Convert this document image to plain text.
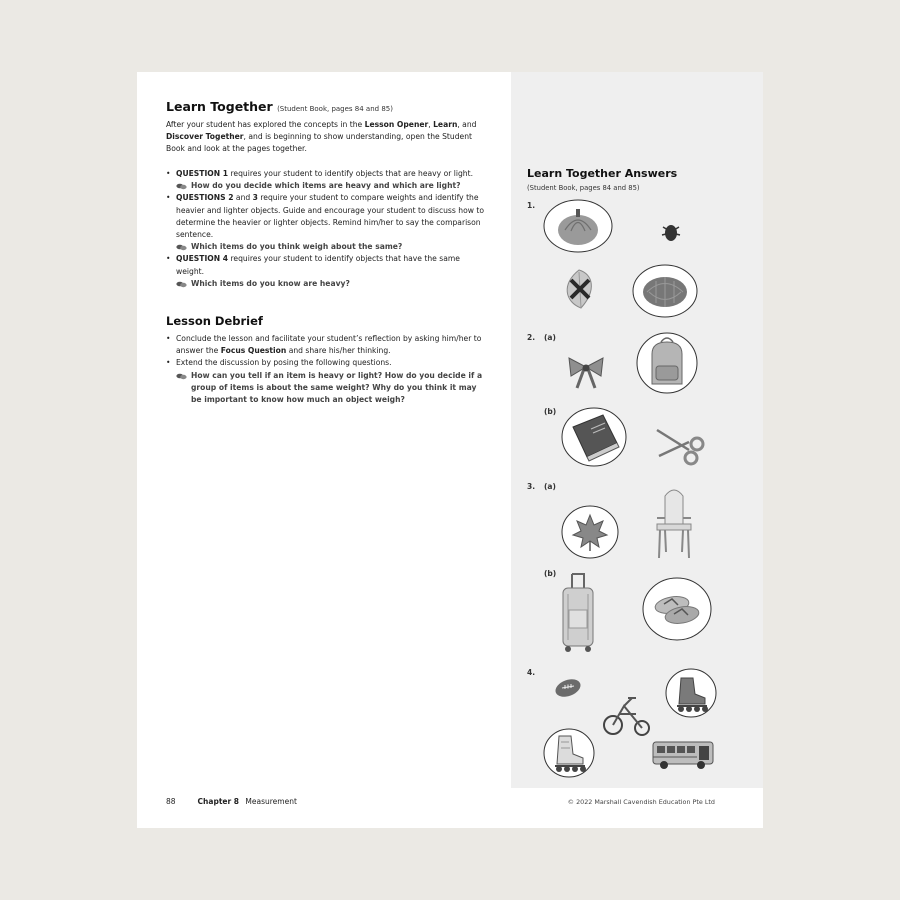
Learn Together (Student Book, pages 84 and 85)

After your student has explored the concepts in the Lesson Opener, Learn, and Discover Together, and is beginning to show understanding, open the Student Book and look at the pages together.

• QUESTION 1 requires your student to identify objects that are heavy or light.
How do you decide which items are heavy and which are light?
• QUESTIONS 2 and 3 require your student to compare weights and identify the heavier and lighter objects. Guide and encourage your student to discuss how to determine the heavier or lighter objects. Remind him/her to say the comparison sentence.
Which items do you think weigh about the same?
• QUESTION 4 requires your student to identify objects that have the same weight.
Which items do you know are heavy?
Lesson Debrief
• Conclude the lesson and facilitate your student’s reflection by asking him/her to answer the Focus Question and share his/her thinking.
• Extend the discussion by posing the following questions.
How can you tell if an item is heavy or light? How do you decide if a group of items is about the same weight? Why do you think it may be important to know how much an object weigh?
Learn Together Answers
(Student Book, pages 84 and 85)
1.
2. (a)
(b)
3. (a)
(b)
4.
88	Chapter 8 Measurement	© 2022 Marshall Cavendish Education Pte Ltd
